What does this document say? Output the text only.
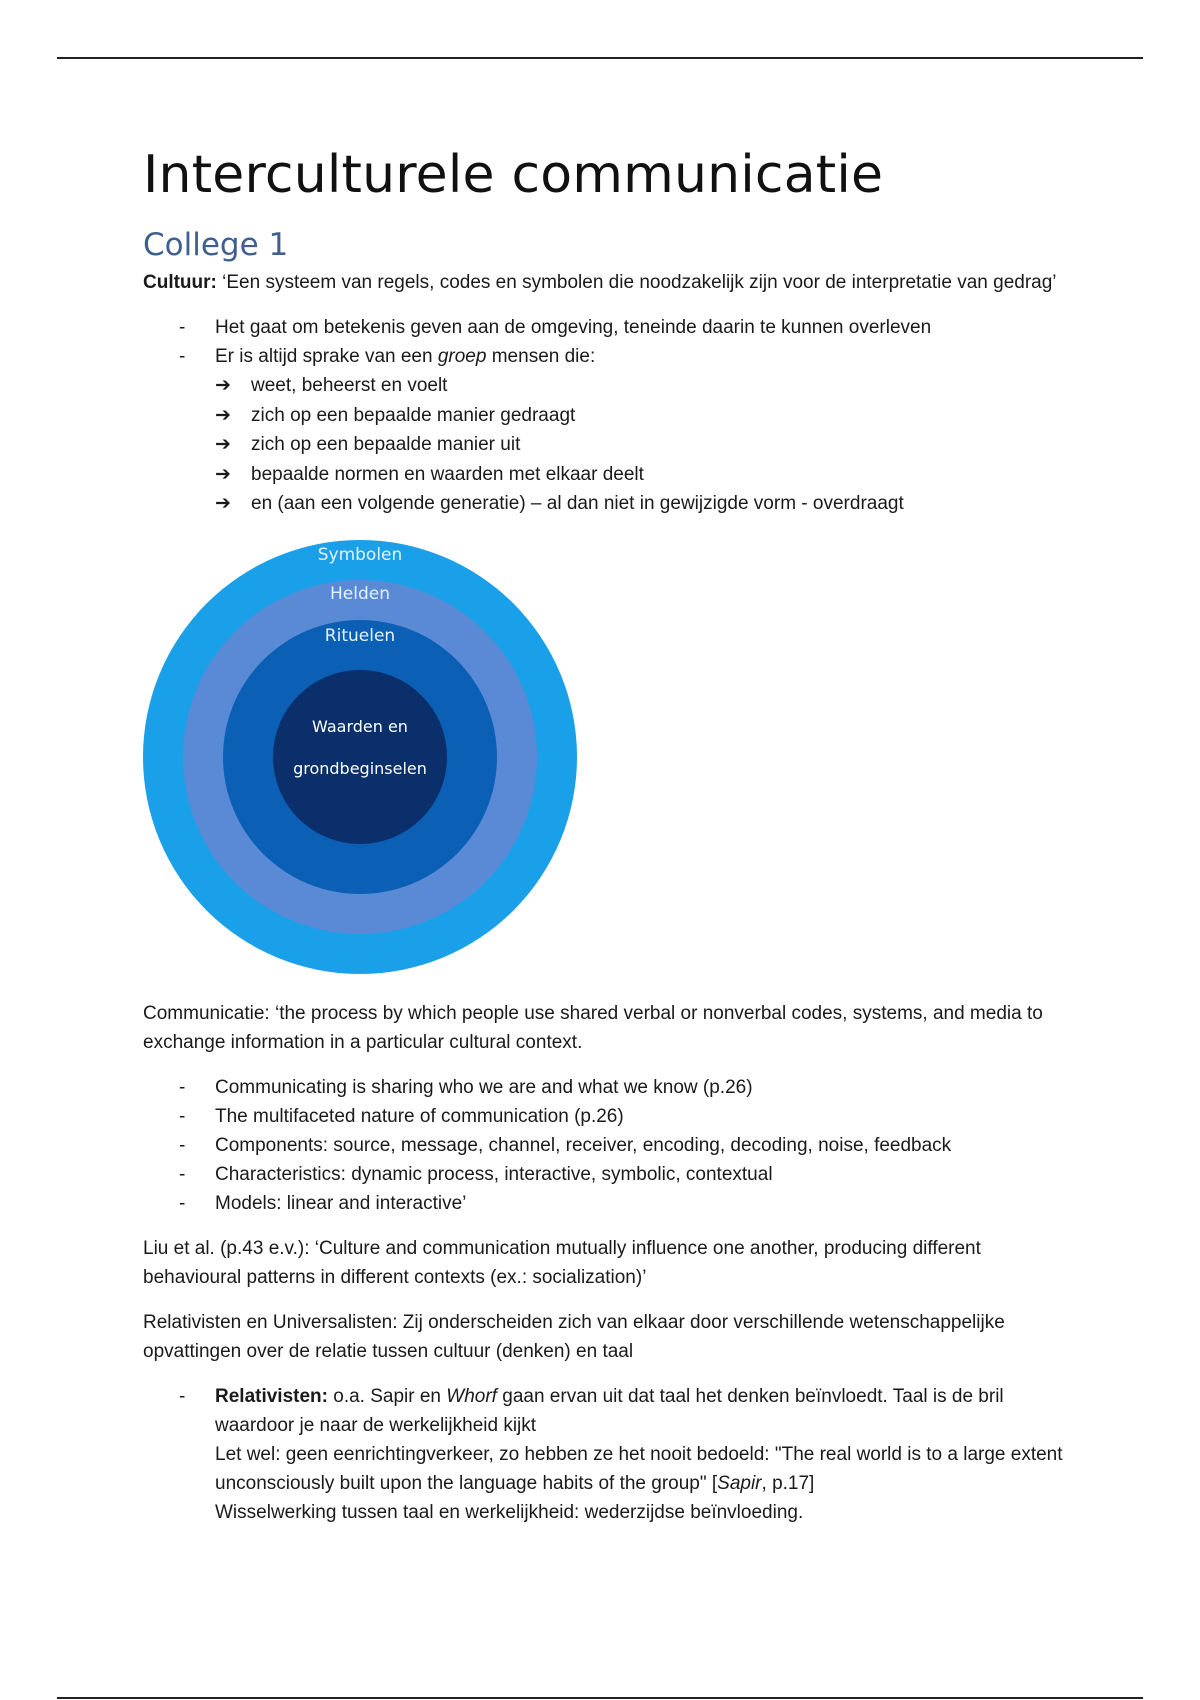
Interculturele communicatie
College 1

Cultuur: ‘Een systeem van regels, codes en symbolen die noodzakelijk zijn voor de interpretatie van gedrag’

- Het gaat om betekenis geven aan de omgeving, teneinde daarin te kunnen overleven
- Er is altijd sprake van een groep mensen die:
➔ weet, beheerst en voelt
➔ zich op een bepaalde manier gedraagt
➔ zich op een bepaalde manier uit
➔ bepaalde normen en waarden met elkaar deelt
➔ en (aan een volgende generatie) – al dan niet in gewijzigde vorm - overdraagt
Symbolen
Helden
Rituelen
Waarden en
grondbeginselen

Communicatie: ‘the process by which people use shared verbal or nonverbal codes, systems, and media to exchange information in a particular cultural context.

- Communicating is sharing who we are and what we know (p.26)
- The multifaceted nature of communication (p.26)
- Components: source, message, channel, receiver, encoding, decoding, noise, feedback
- Characteristics: dynamic process, interactive, symbolic, contextual
- Models: linear and interactive’

Liu et al. (p.43 e.v.): ‘Culture and communication mutually influence one another, producing different behavioural patterns in different contexts (ex.: socialization)’

Relativisten en Universalisten: Zij onderscheiden zich van elkaar door verschillende wetenschappelijke opvattingen over de relatie tussen cultuur (denken) en taal

- Relativisten: o.a. Sapir en Whorf gaan ervan uit dat taal het denken beïnvloedt. Taal is de bril waardoor je naar de werkelijkheid kijkt
Let wel: geen eenrichtingverkeer, zo hebben ze het nooit bedoeld: "The real world is to a large extent unconsciously built upon the language habits of the group" [Sapir, p.17]
Wisselwerking tussen taal en werkelijkheid: wederzijdse beïnvloeding.
